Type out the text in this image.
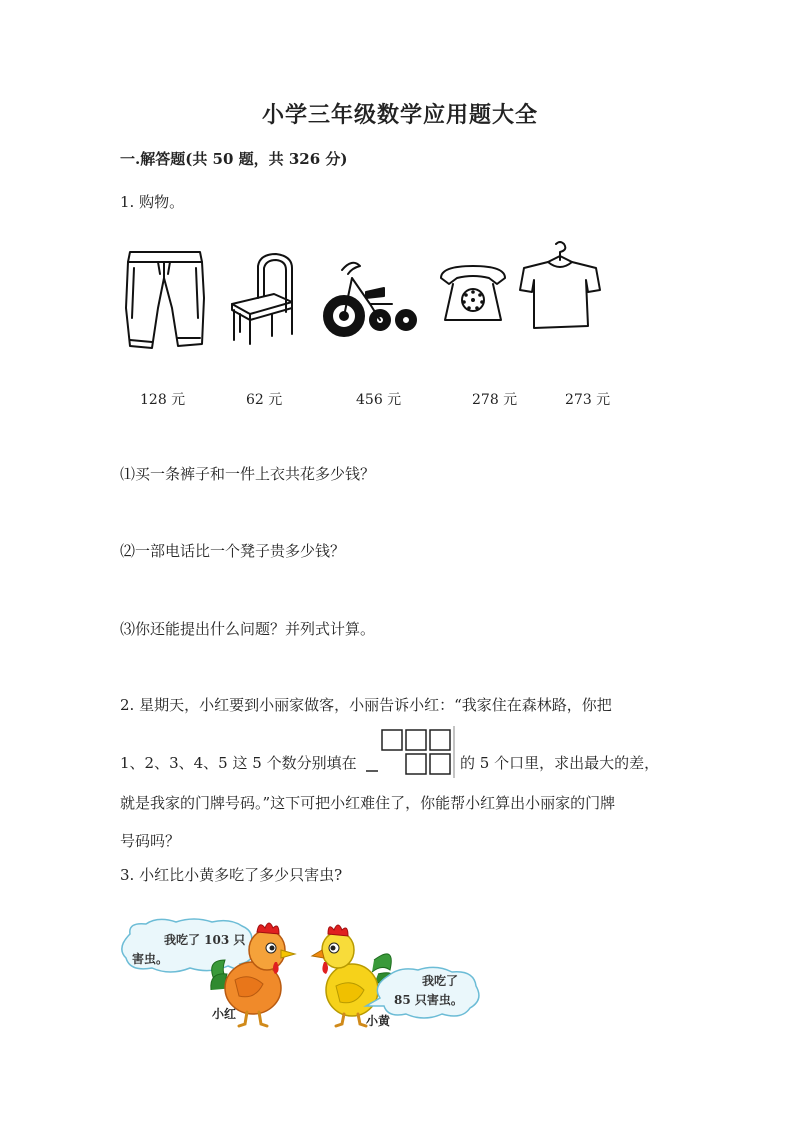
小学三年级数学应用题大全
一.解答题(共 50 题，共 326 分)
1. 购物。
128 元	62 元	456 元	278 元	273 元
⑴买一条裤子和一件上衣共花多少钱？
⑵一部电话比一个凳子贵多少钱？
⑶你还能提出什么问题？并列式计算。
2. 星期天，小红要到小丽家做客，小丽告诉小红：“我家住在森林路，你把
1、2、3、4、5 这 5 个数分别填在	的 5 个口里，求出最大的差，
就是我家的门牌号码。”这下可把小红难住了，你能帮小红算出小丽家的门牌
号码吗？
3. 小红比小黄多吃了多少只害虫?
我吃了 103 只
害虫。
我吃了
85 只害虫。
小红	小黄
